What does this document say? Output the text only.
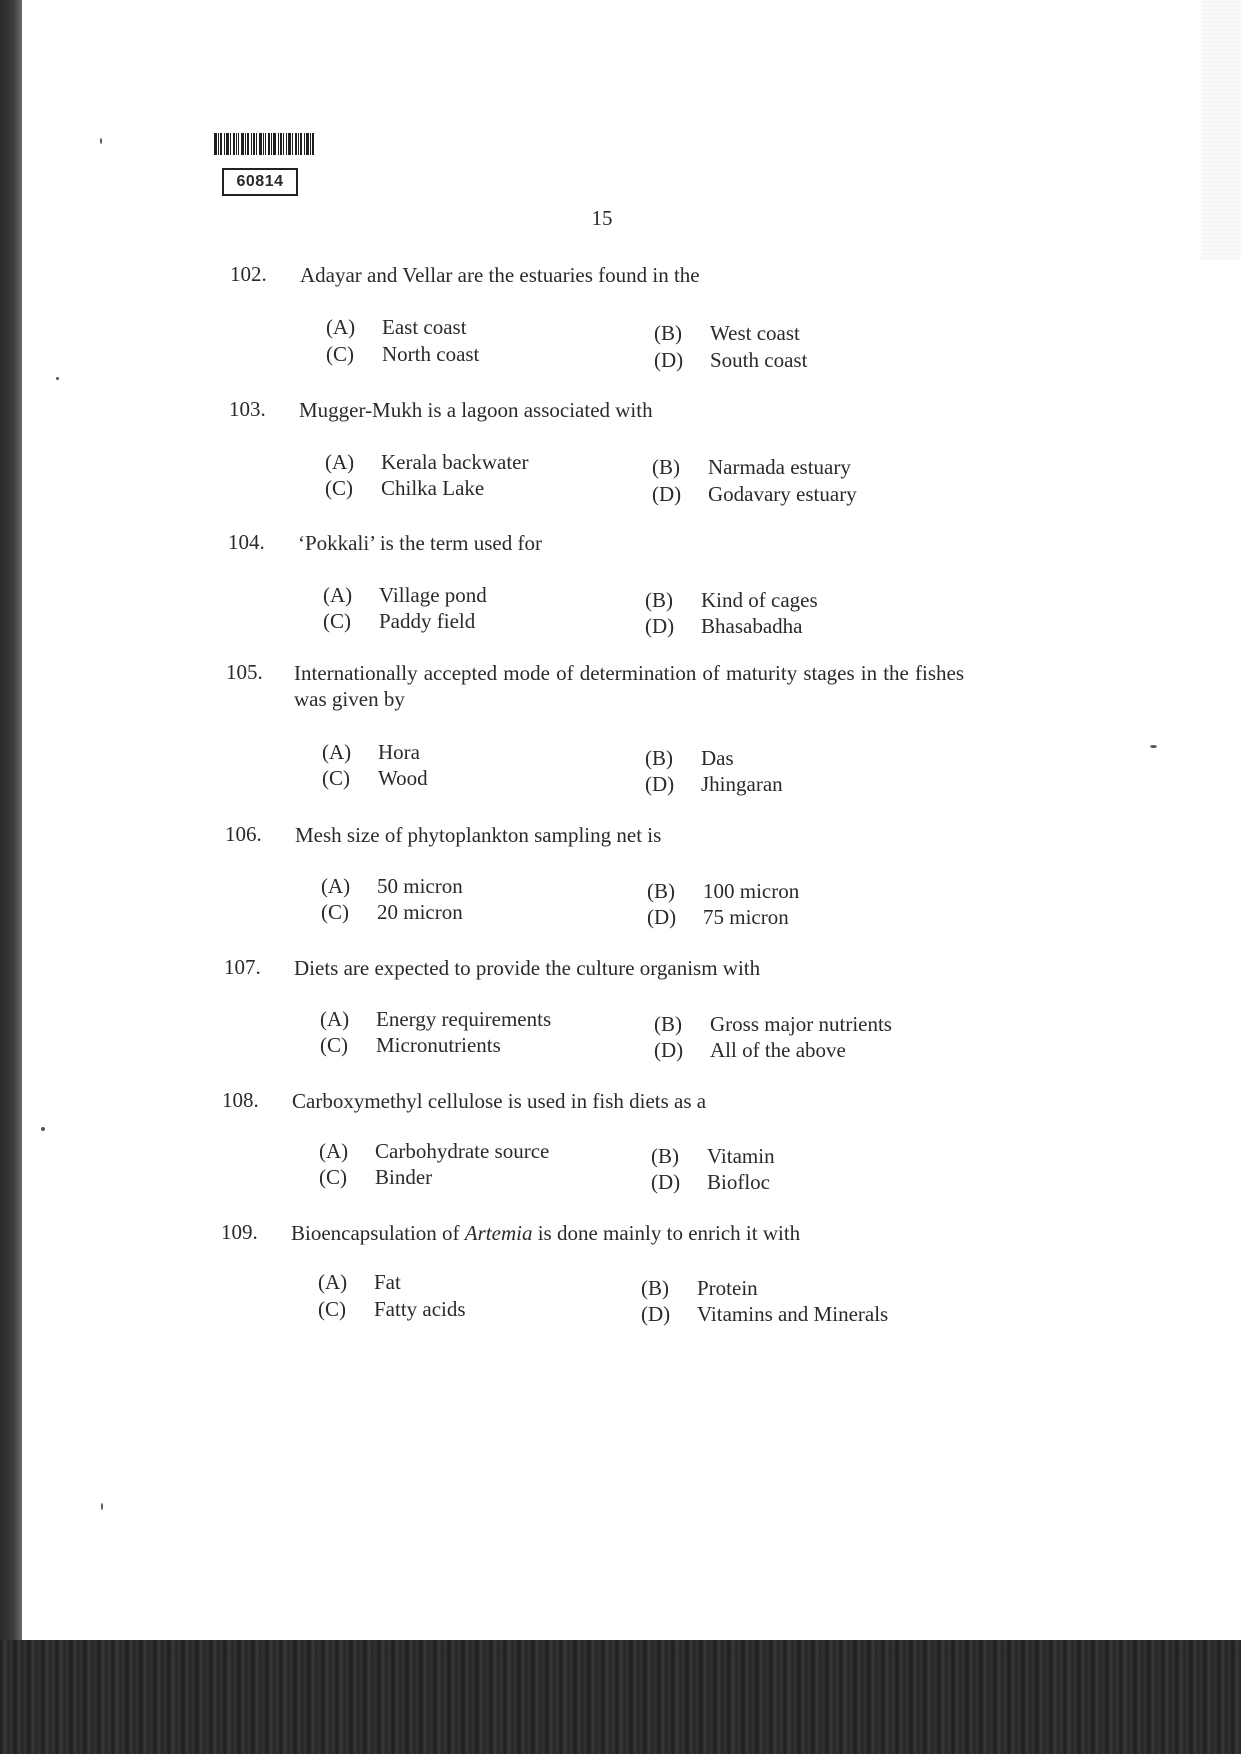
60814
15
102.	Adayar and Vellar are the estuaries found in the
(A) East coast	(B) West coast
(C) North coast	(D) South coast
103.	Mugger-Mukh is a lagoon associated with
(A) Kerala backwater	(B) Narmada estuary
(C) Chilka Lake	(D) Godavary estuary
104.	‘Pokkali’ is the term used for
(A) Village pond	(B) Kind of cages
(C) Paddy field	(D) Bhasabadha
105.	Internationally accepted mode of determination of maturity stages in the fishes was given by
(A) Hora	(B) Das
(C) Wood	(D) Jhingaran
106.	Mesh size of phytoplankton sampling net is
(A) 50 micron	(B) 100 micron
(C) 20 micron	(D) 75 micron
107.	Diets are expected to provide the culture organism with
(A) Energy requirements	(B) Gross major nutrients
(C) Micronutrients	(D) All of the above
108.	Carboxymethyl cellulose is used in fish diets as a
(A) Carbohydrate source	(B) Vitamin
(C) Binder	(D) Biofloc
109.	Bioencapsulation of Artemia is done mainly to enrich it with
(A) Fat	(B) Protein
(C) Fatty acids	(D) Vitamins and Minerals
